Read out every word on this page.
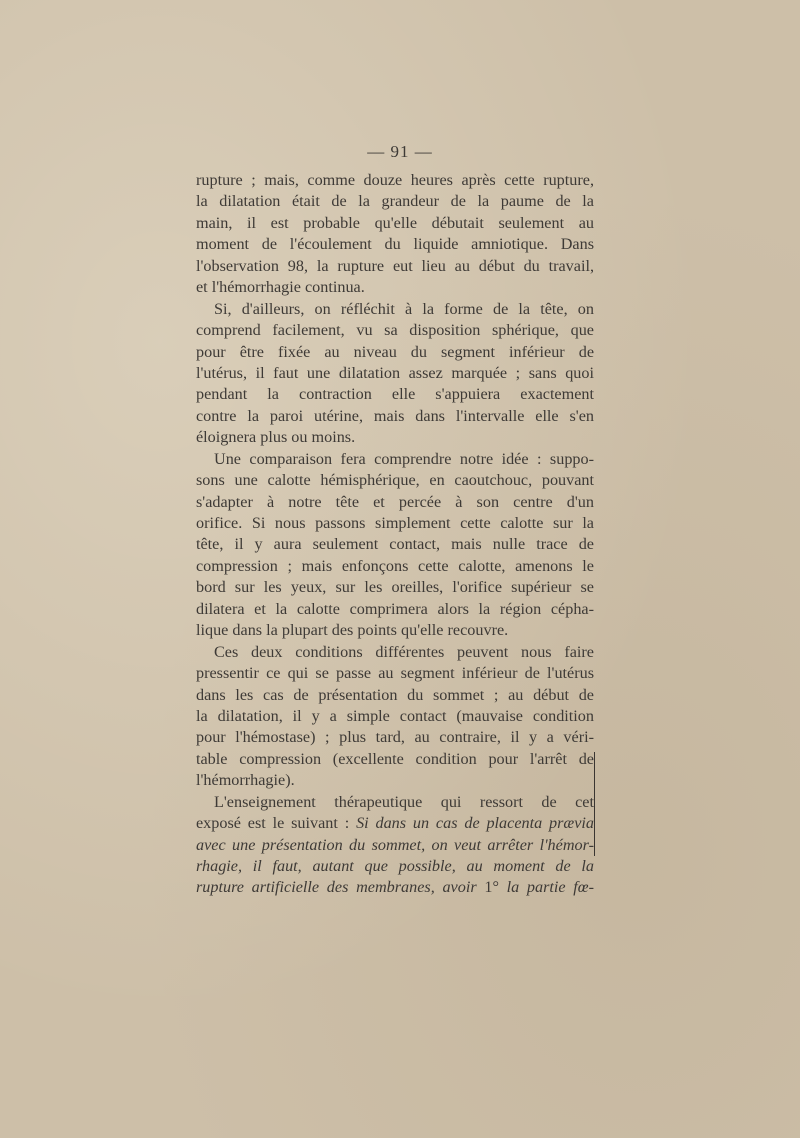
— 91 —
rupture ; mais, comme douze heures après cette rupture,
la dilatation était de la grandeur de la paume de la
main, il est probable qu'elle débutait seulement au
moment de l'écoulement du liquide amniotique. Dans
l'observation 98, la rupture eut lieu au début du travail,
et l'hémorrhagie continua.
Si, d'ailleurs, on réfléchit à la forme de la tête, on
comprend facilement, vu sa disposition sphérique, que
pour être fixée au niveau du segment inférieur de
l'utérus, il faut une dilatation assez marquée ; sans quoi
pendant la contraction elle s'appuiera exactement
contre la paroi utérine, mais dans l'intervalle elle s'en
éloignera plus ou moins.
Une comparaison fera comprendre notre idée : suppo-
sons une calotte hémisphérique, en caoutchouc, pouvant
s'adapter à notre tête et percée à son centre d'un
orifice. Si nous passons simplement cette calotte sur la
tête, il y aura seulement contact, mais nulle trace de
compression ; mais enfonçons cette calotte, amenons le
bord sur les yeux, sur les oreilles, l'orifice supérieur se
dilatera et la calotte comprimera alors la région cépha-
lique dans la plupart des points qu'elle recouvre.
Ces deux conditions différentes peuvent nous faire
pressentir ce qui se passe au segment inférieur de l'utérus
dans les cas de présentation du sommet ; au début de
la dilatation, il y a simple contact (mauvaise condition
pour l'hémostase) ; plus tard, au contraire, il y a véri-
table compression (excellente condition pour l'arrêt de
l'hémorrhagie).
L'enseignement thérapeutique qui ressort de cet
exposé est le suivant : Si dans un cas de placenta prævia
avec une présentation du sommet, on veut arrêter l'hémor-
rhagie, il faut, autant que possible, au moment de la
rupture artificielle des membranes, avoir 1° la partie fœ-
